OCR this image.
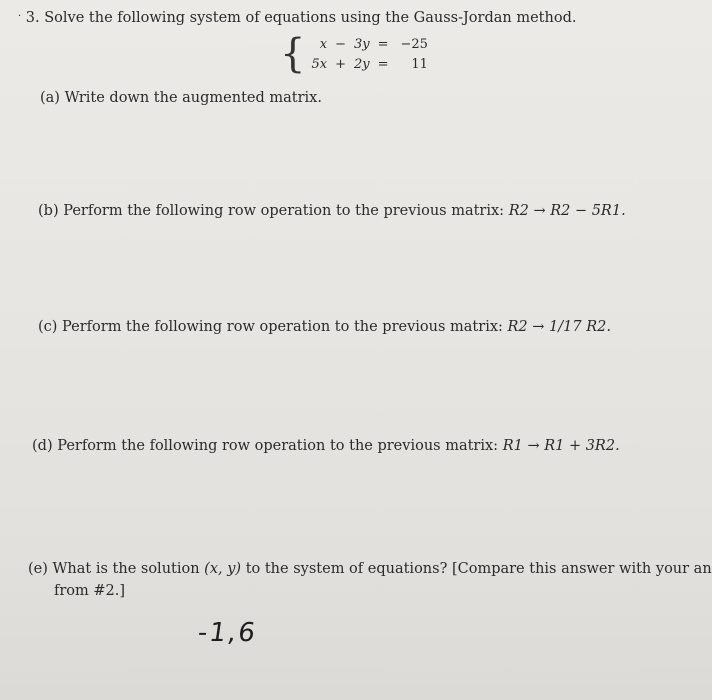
· 3. Solve the following system of equations using the Gauss-Jordan method.
{	x	−	3y	=	−25
	5x	+	2y	=	11
(a) Write down the augmented matrix.
(b) Perform the following row operation to the previous matrix: R2 → R2 − 5R1.
(c) Perform the following row operation to the previous matrix: R2 → 1/17 R2.
(d) Perform the following row operation to the previous matrix: R1 → R1 + 3R2.
(e) What is the solution (x, y) to the system of equations? [Compare this answer with your an
from #2.]
-1,6
